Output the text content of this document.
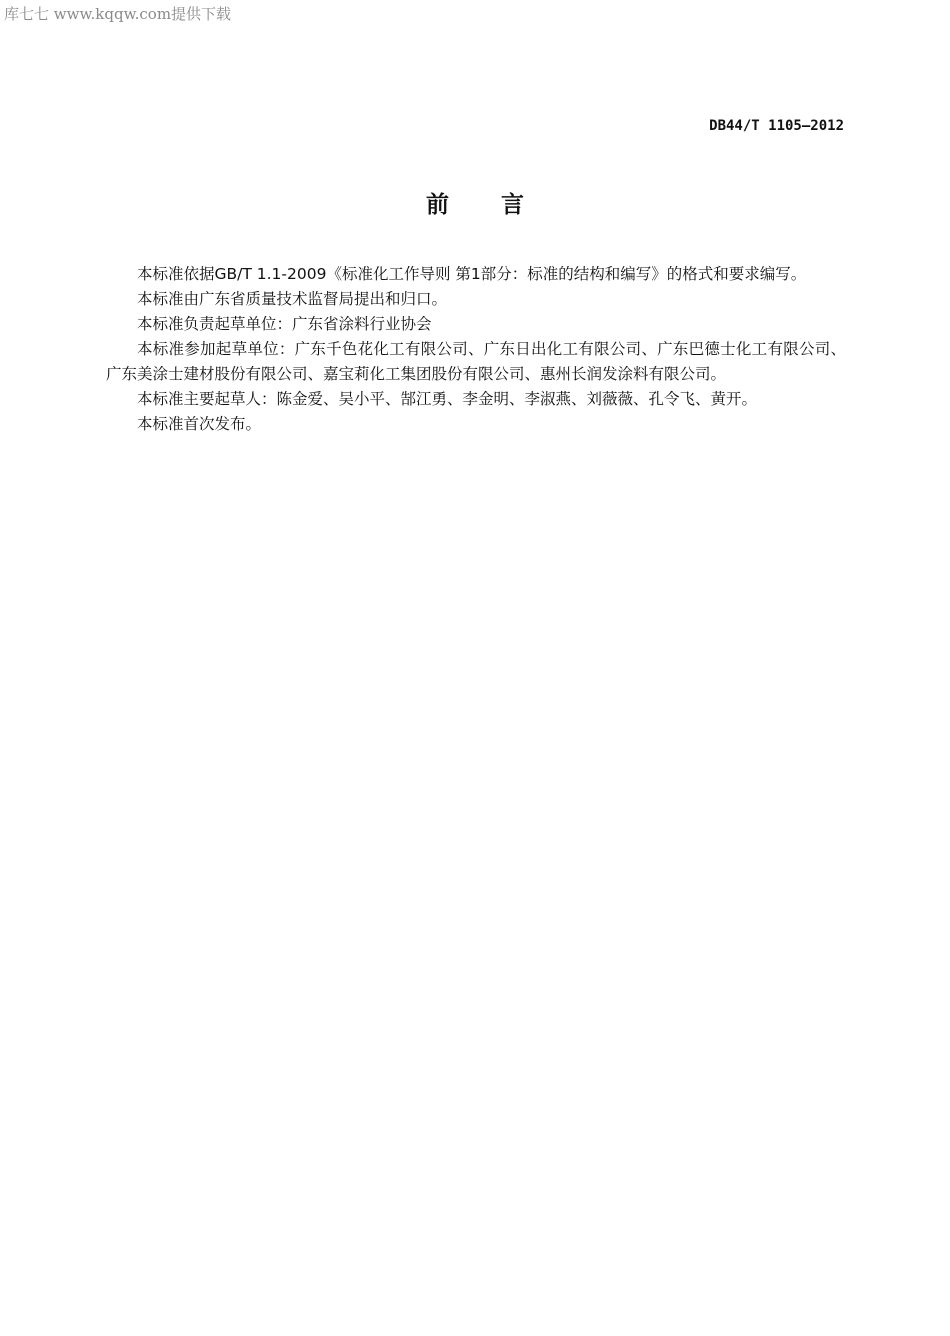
库七七 www.kqqw.com提供下载
DB44/T 1105—2012
前言

本标准依据GB/T 1.1-2009《标准化工作导则 第1部分：标准的结构和编写》的格式和要求编写。

本标准由广东省质量技术监督局提出和归口。

本标准负责起草单位：广东省涂料行业协会

本标准参加起草单位：广东千色花化工有限公司、广东日出化工有限公司、广东巴德士化工有限公司、广东美涂士建材股份有限公司、嘉宝莉化工集团股份有限公司、惠州长润发涂料有限公司。

本标准主要起草人：陈金爱、吴小平、郜江勇、李金明、李淑燕、刘薇薇、孔令飞、黄开。

本标准首次发布。
